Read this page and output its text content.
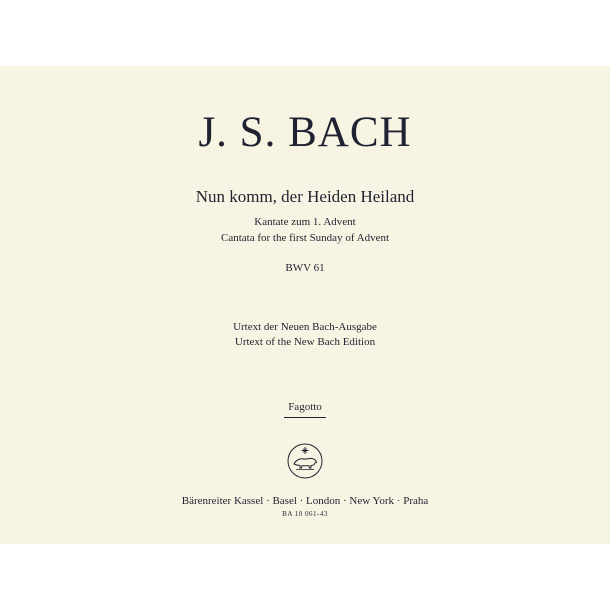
J. S. BACH
Nun komm, der Heiden Heiland
Kantate zum 1. Advent
Cantata for the first Sunday of Advent
BWV 61
Urtext der Neuen Bach-Ausgabe
Urtext of the New Bach Edition
Fagotto
Bärenreiter Kassel · Basel · London · New York · Praha
BA 10 061-43
